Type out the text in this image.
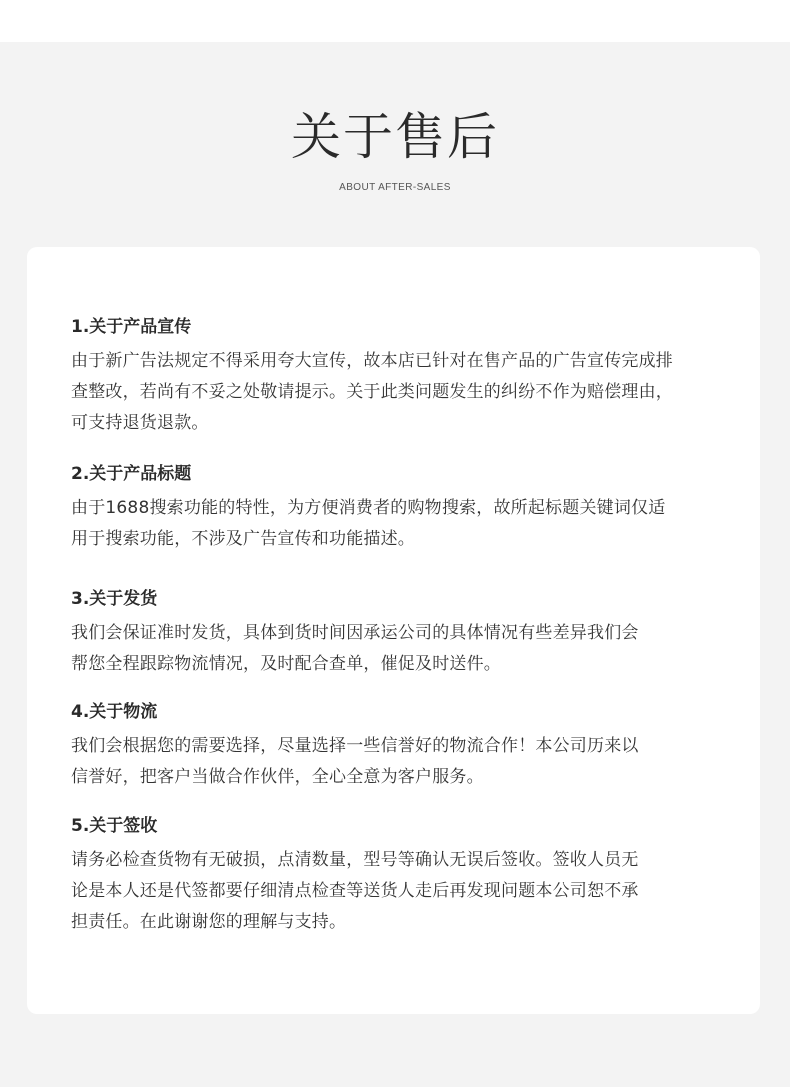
关于售后
ABOUT AFTER-SALES
1.关于产品宣传
由于新广告法规定不得采用夸大宣传，故本店已针对在售产品的广告宣传完成排
查整改，若尚有不妥之处敬请提示。关于此类问题发生的纠纷不作为赔偿理由，
可支持退货退款。
2.关于产品标题
由于1688搜索功能的特性，为方便消费者的购物搜索，故所起标题关键词仅适
用于搜索功能，不涉及广告宣传和功能描述。
3.关于发货
我们会保证准时发货，具体到货时间因承运公司的具体情况有些差异我们会
帮您全程跟踪物流情况，及时配合查单，催促及时送件。
4.关于物流
我们会根据您的需要选择，尽量选择一些信誉好的物流合作！本公司历来以
信誉好，把客户当做合作伙伴，全心全意为客户服务。
5.关于签收
请务必检查货物有无破损，点清数量，型号等确认无误后签收。签收人员无
论是本人还是代签都要仔细清点检查等送货人走后再发现问题本公司恕不承
担责任。在此谢谢您的理解与支持。
